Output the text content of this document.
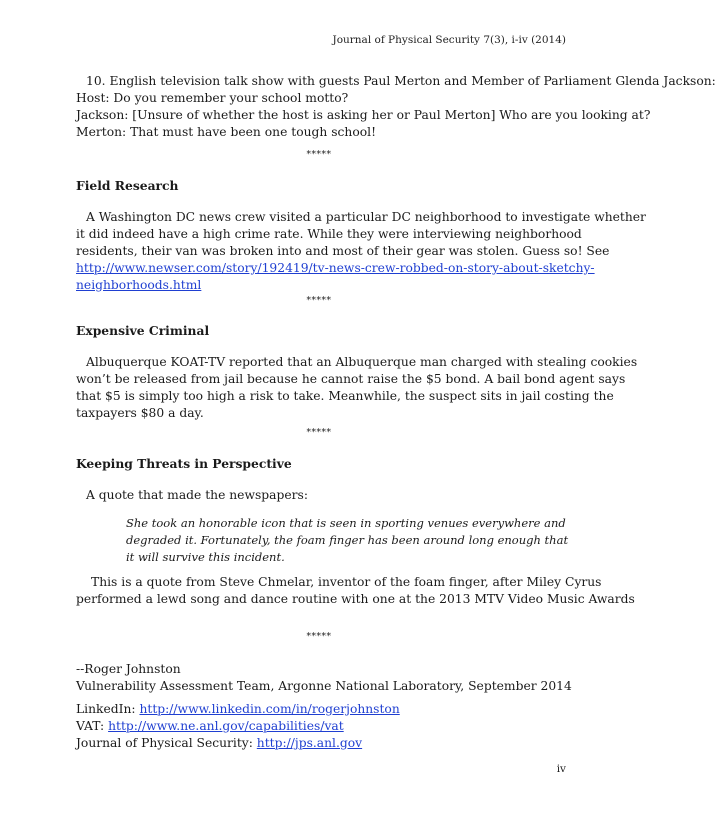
Journal of Physical Security 7(3), i-iv (2014)
10. English television talk show with guests Paul Merton and Member of Parliament Glenda Jackson:
Host: Do you remember your school motto?
Jackson: [Unsure of whether the host is asking her or Paul Merton] Who are you looking at?
Merton: That must have been one tough school!
*****
Field Research
A Washington DC news crew visited a particular DC neighborhood to investigate whether
it did indeed have a high crime rate. While they were interviewing neighborhood
residents, their van was broken into and most of their gear was stolen. Guess so! See
http://www.newser.com/story/192419/tv-news-crew-robbed-on-story-about-sketchy-
neighborhoods.html
*****
Expensive Criminal
Albuquerque KOAT-TV reported that an Albuquerque man charged with stealing cookies
won’t be released from jail because he cannot raise the $5 bond. A bail bond agent says
that $5 is simply too high a risk to take. Meanwhile, the suspect sits in jail costing the
taxpayers $80 a day.
*****
Keeping Threats in Perspective
A quote that made the newspapers:
She took an honorable icon that is seen in sporting venues everywhere and
degraded it. Fortunately, the foam finger has been around long enough that
it will survive this incident.
This is a quote from Steve Chmelar, inventor of the foam finger, after Miley Cyrus
performed a lewd song and dance routine with one at the 2013 MTV Video Music Awards
*****
--Roger Johnston
Vulnerability Assessment Team, Argonne National Laboratory, September 2014
LinkedIn: http://www.linkedin.com/in/rogerjohnston
VAT: http://www.ne.anl.gov/capabilities/vat
Journal of Physical Security: http://jps.anl.gov
iv
